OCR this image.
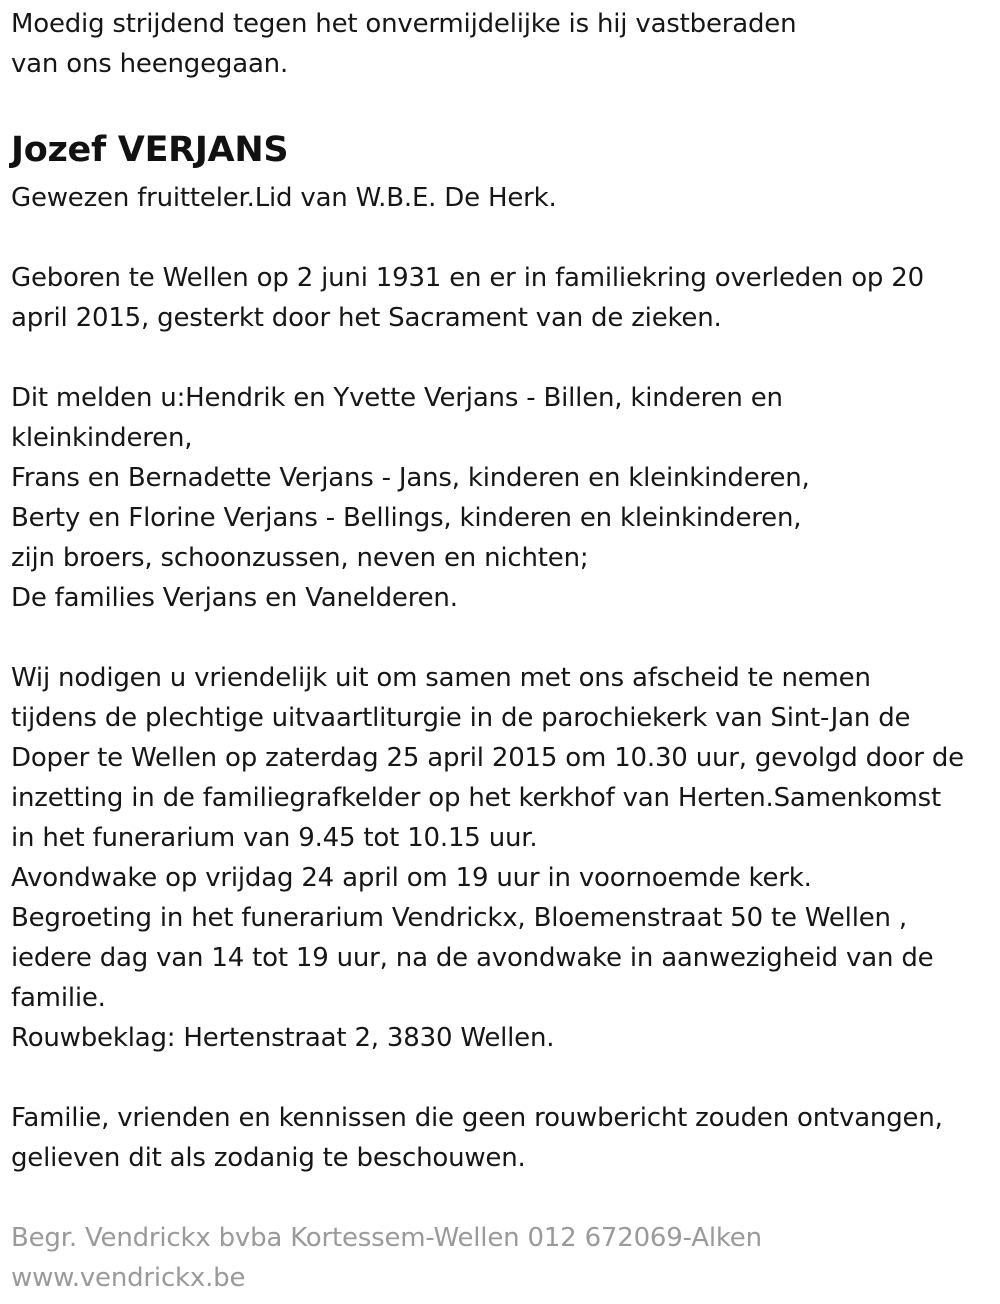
Moedig strijdend tegen het onvermijdelijke is hij vastberaden
van ons heengegaan.
Jozef VERJANS
Gewezen fruitteler.Lid van W.B.E. De Herk.
Geboren te Wellen op 2 juni 1931 en er in familiekring overleden op 20
april 2015, gesterkt door het Sacrament van de zieken.
Dit melden u:Hendrik en Yvette Verjans - Billen, kinderen en
kleinkinderen,
Frans en Bernadette Verjans - Jans, kinderen en kleinkinderen,
Berty en Florine Verjans - Bellings, kinderen en kleinkinderen,
zijn broers, schoonzussen, neven en nichten;
De families Verjans en Vanelderen.
Wij nodigen u vriendelijk uit om samen met ons afscheid te nemen
tijdens de plechtige uitvaartliturgie in de parochiekerk van Sint-Jan de
Doper te Wellen op zaterdag 25 april 2015 om 10.30 uur, gevolgd door de
inzetting in de familiegrafkelder op het kerkhof van Herten.Samenkomst
in het funerarium van 9.45 tot 10.15 uur.
Avondwake op vrijdag 24 april om 19 uur in voornoemde kerk.
Begroeting in het funerarium Vendrickx, Bloemenstraat 50 te Wellen ,
iedere dag van 14 tot 19 uur, na de avondwake in aanwezigheid van de
familie.
Rouwbeklag: Hertenstraat 2, 3830 Wellen.
Familie, vrienden en kennissen die geen rouwbericht zouden ontvangen,
gelieven dit als zodanig te beschouwen.
Begr. Vendrickx bvba Kortessem-Wellen 012 672069-Alken
www.vendrickx.be
